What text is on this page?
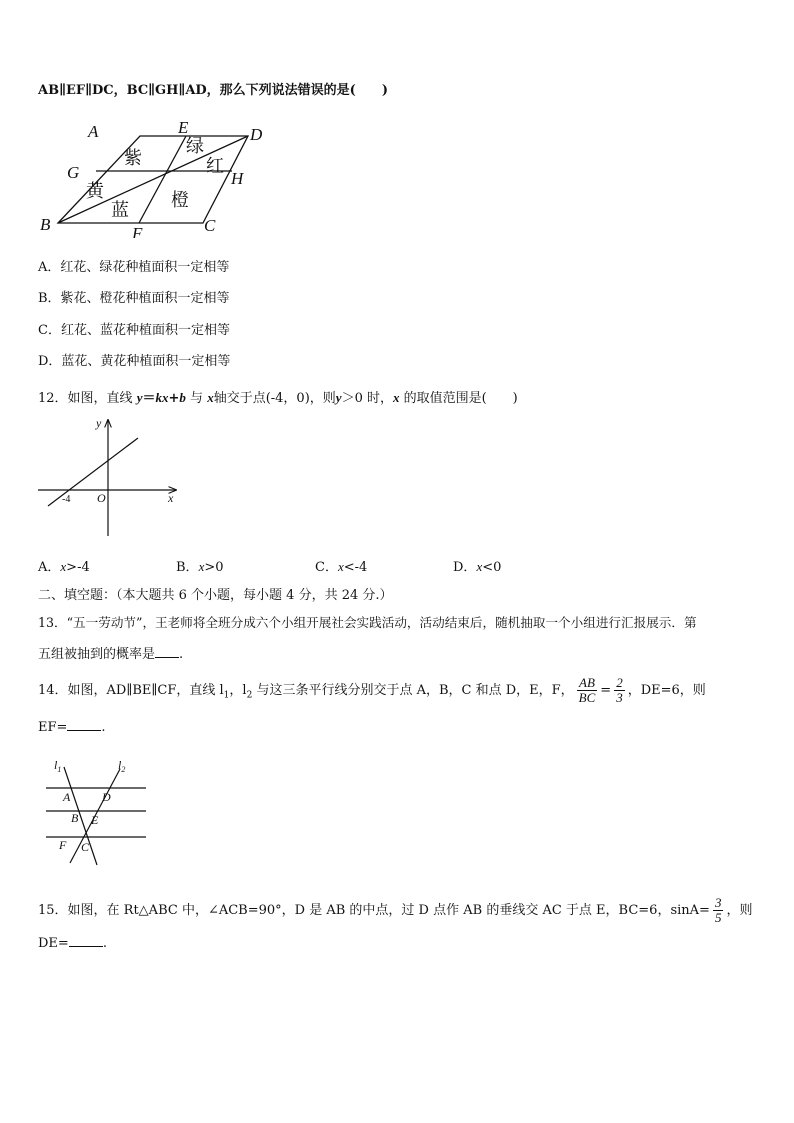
AB∥EF∥DC，BC∥GH∥AD，那么下列说法错误的是(　　)
A	E	D
G	H
B	F	C
紫
绿
红
黄
蓝 橙
A．红花、绿花种植面积一定相等
B．紫花、橙花种植面积一定相等
C．红花、蓝花种植面积一定相等
D．蓝花、黄花种植面积一定相等
12．如图，直线 y＝kx+b 与 x轴交于点(-4，0)，则y＞0 时，x 的取值范围是(　　)
y
x
O
-4
A．x>-4	B．x>0	C．x<-4	D．x<0
二、填空题：（本大题共 6 个小题，每小题 4 分，共 24 分.）
13．“五一劳动节”，王老师将全班分成六个小组开展社会实践活动，活动结束后，随机抽取一个小组进行汇报展示．第
五组被抽到的概率是 .
14．如图，AD∥BE∥CF，直线 $l_1$，$l_2$ 与这三条平行线分别交于点 A，B，C 和点 D，E，F， $\frac{AB}{BC} = \frac{2}{3}$ ，DE=6，则
EF=	.
$l_1$	$l_2$
A	D
B E
F C
15．如图，在 Rt△ABC 中，∠ACB=90°，D 是 AB 的中点，过 D 点作 AB 的垂线交 AC 于点 E，BC=6，$\sin A= \frac{3}{5}$ ，则
DE=	.
